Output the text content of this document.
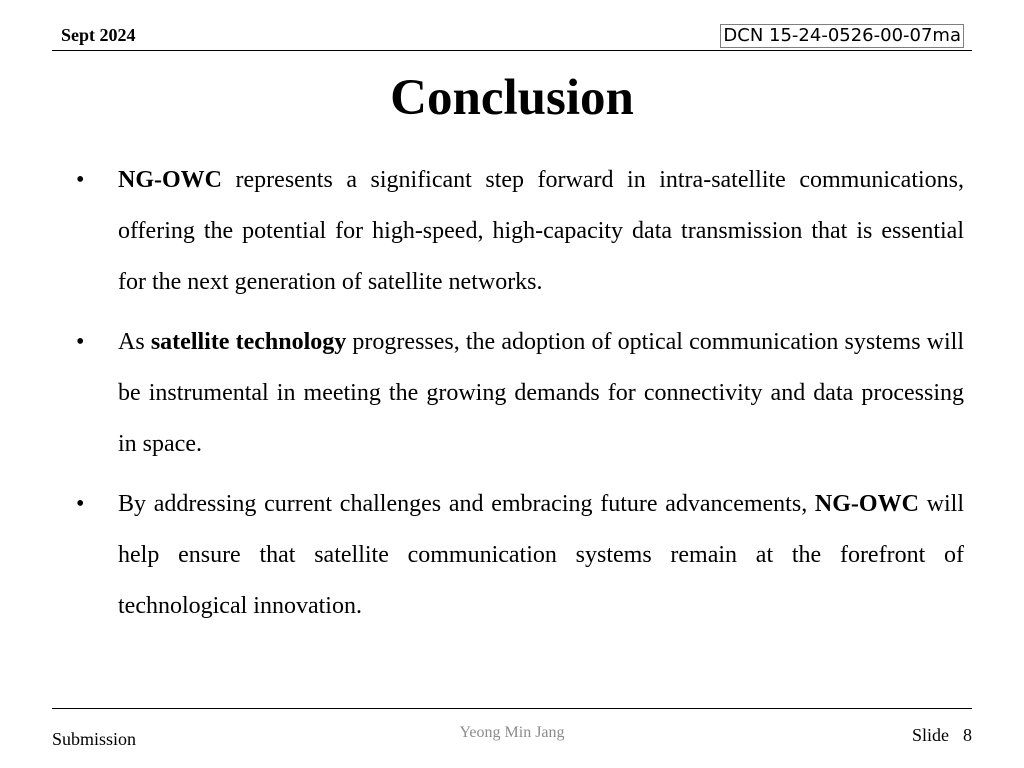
Sept 2024	DCN 15-24-0526-00-07ma
Conclusion
• NG-OWC represents a significant step forward in intra-satellite communications, offering the potential for high-speed, high-capacity data transmission that is essential for the next generation of satellite networks.
• As satellite technology progresses, the adoption of optical communication systems will be instrumental in meeting the growing demands for connectivity and data processing in space.
• By addressing current challenges and embracing future advancements, NG-OWC will help ensure that satellite communication systems remain at the forefront of technological innovation.
Submission	Yeong Min Jang	Slide 8
